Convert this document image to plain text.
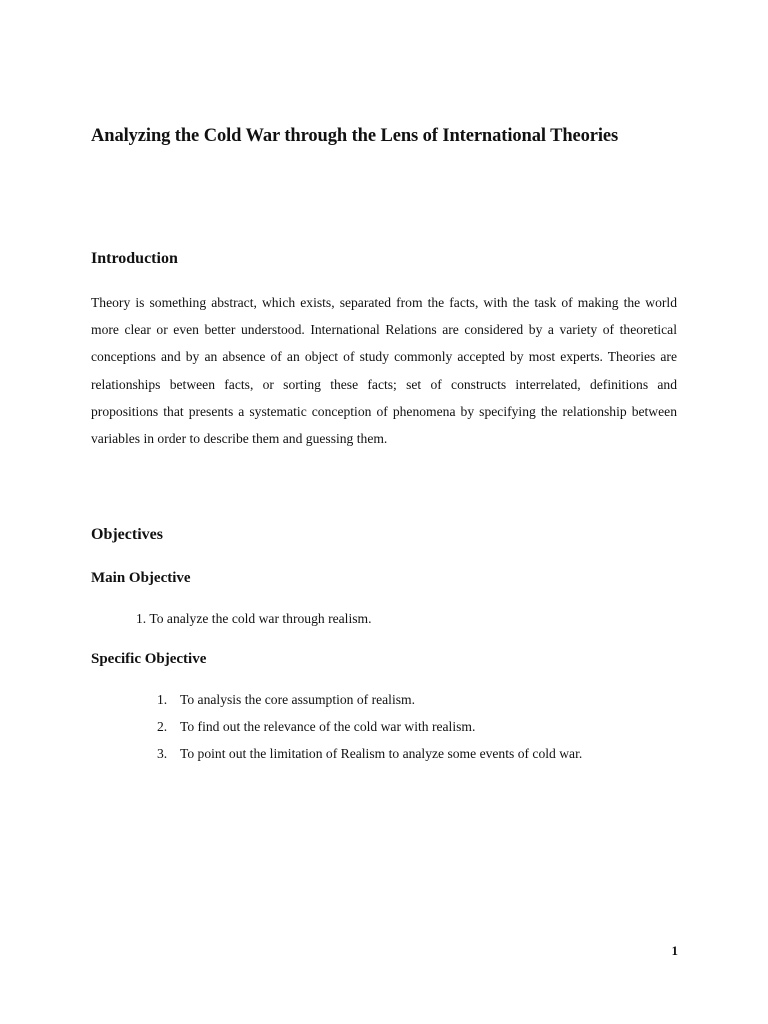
Analyzing the Cold War through the Lens of International Theories
Introduction

Theory is something abstract, which exists, separated from the facts, with the task of making the world more clear or even better understood. International Relations are considered by a variety of theoretical conceptions and by an absence of an object of study commonly accepted by most experts. Theories are relationships between facts, or sorting these facts; set of constructs interrelated, definitions and propositions that presents a systematic conception of phenomena by specifying the relationship between variables in order to describe them and guessing them.

Objectives
Main Objective
1. To analyze the cold war through realism.
Specific Objective
1. To analysis the core assumption of realism.
2. To find out the relevance of the cold war with realism.
3. To point out the limitation of Realism to analyze some events of cold war.
1
